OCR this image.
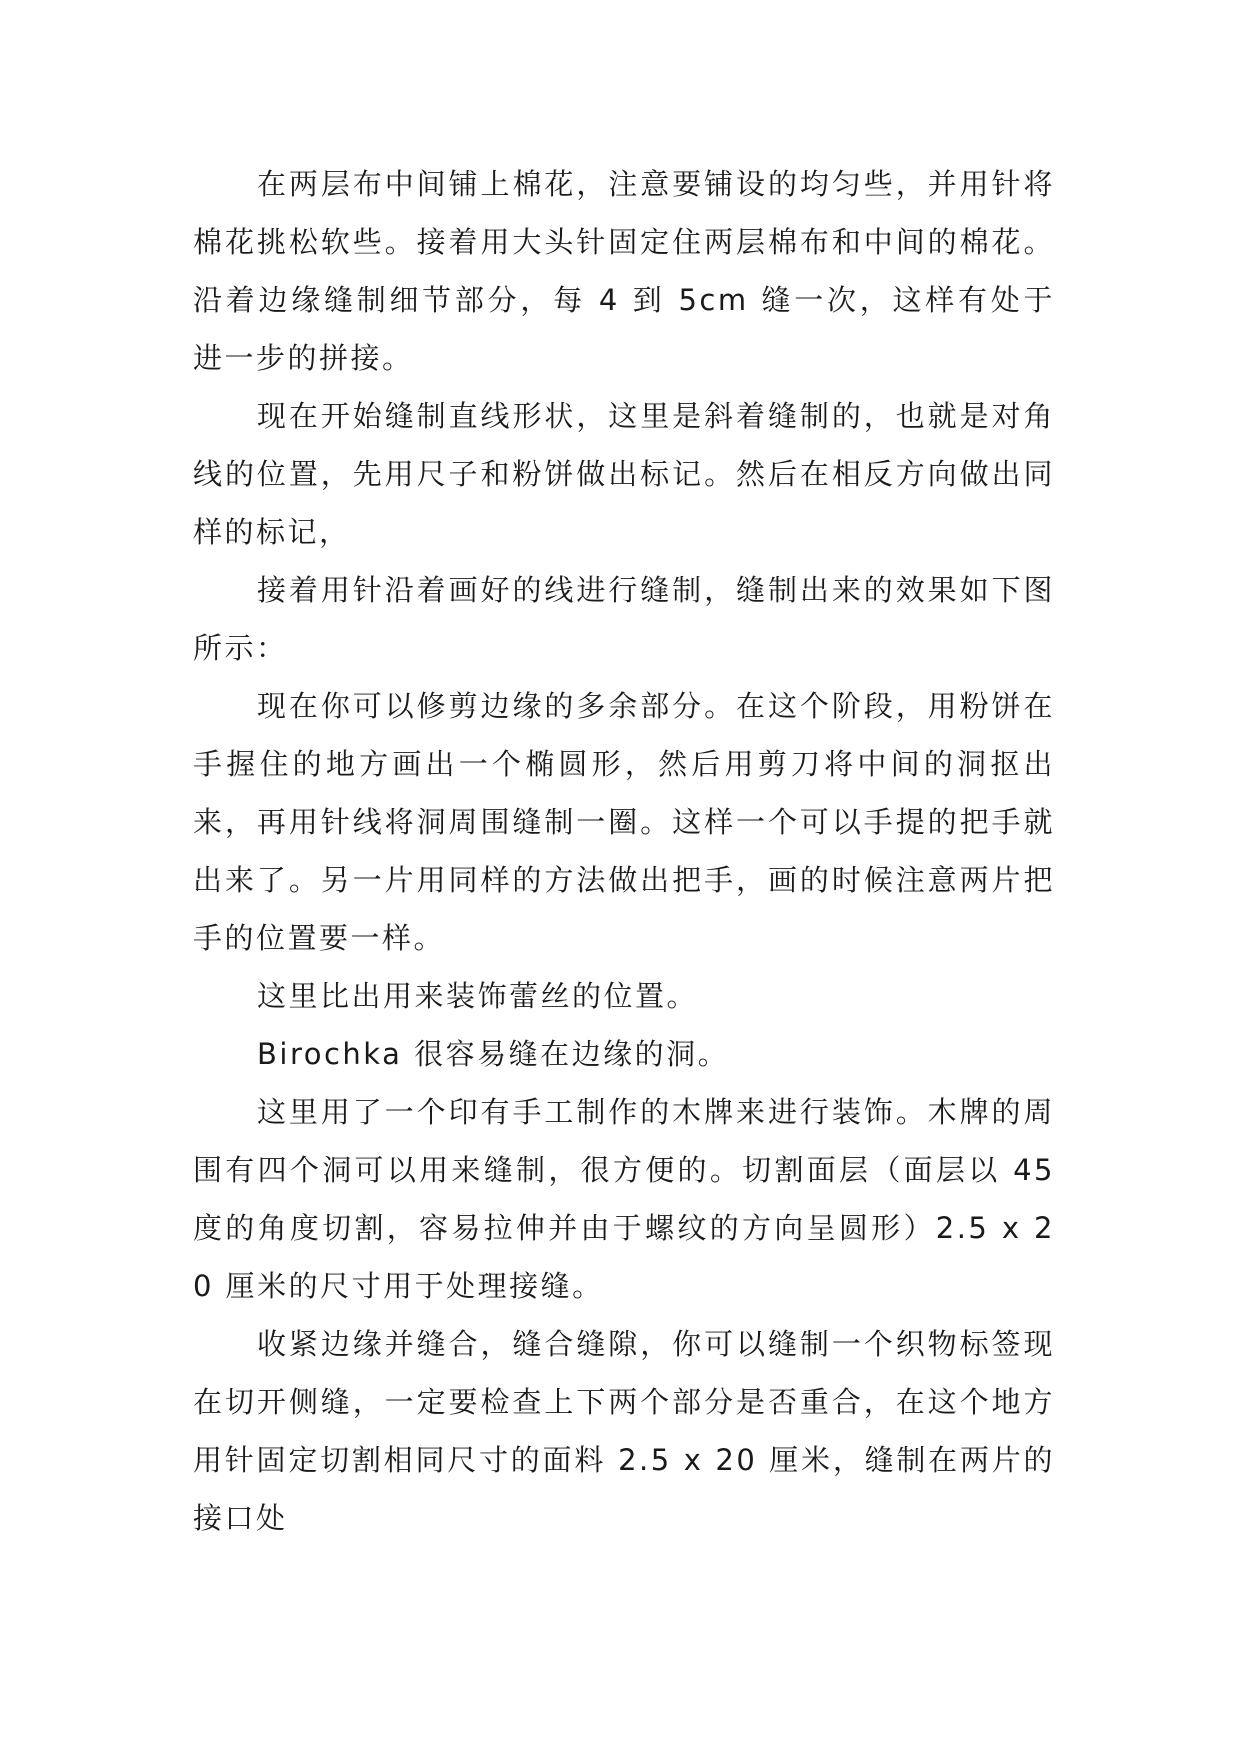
在两层布中间铺上棉花，注意要铺设的均匀些，并用针将棉花挑松软些。接着用大头针固定住两层棉布和中间的棉花。沿着边缘缝制细节部分，每 4 到 5cm 缝一次，这样有处于进一步的拼接。

现在开始缝制直线形状，这里是斜着缝制的，也就是对角线的位置，先用尺子和粉饼做出标记。然后在相反方向做出同样的标记，

接着用针沿着画好的线进行缝制，缝制出来的效果如下图所示：

现在你可以修剪边缘的多余部分。在这个阶段，用粉饼在手握住的地方画出一个椭圆形，然后用剪刀将中间的洞抠出来，再用针线将洞周围缝制一圈。这样一个可以手提的把手就出来了。另一片用同样的方法做出把手，画的时候注意两片把手的位置要一样。

这里比出用来装饰蕾丝的位置。

Birochka 很容易缝在边缘的洞。

这里用了一个印有手工制作的木牌来进行装饰。木牌的周围有四个洞可以用来缝制，很方便的。切割面层（面层以 45 度的角度切割，容易拉伸并由于螺纹的方向呈圆形）2.5 x 20 厘米的尺寸用于处理接缝。

收紧边缘并缝合，缝合缝隙，你可以缝制一个织物标签现在切开侧缝，一定要检查上下两个部分是否重合，在这个地方用针固定切割相同尺寸的面料 2.5 x 20 厘米，缝制在两片的接口处
